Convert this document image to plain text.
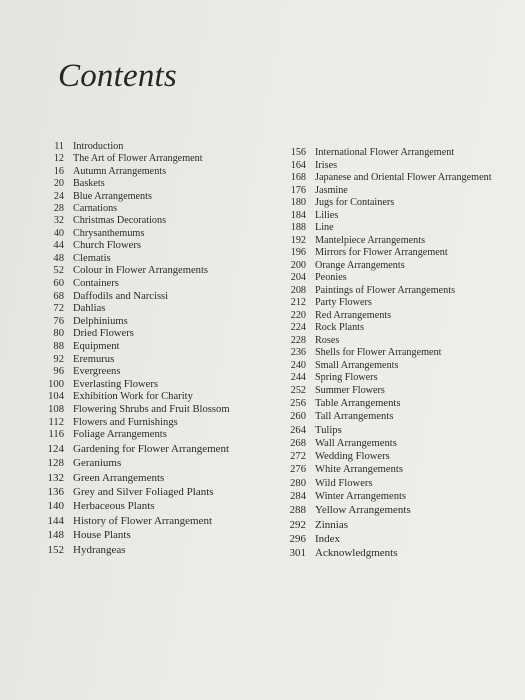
Contents
11 Introduction
12 The Art of Flower Arrangement
16 Autumn Arrangements
20 Baskets
24 Blue Arrangements
28 Carnations
32 Christmas Decorations
40 Chrysanthemums
44 Church Flowers
48 Clematis
52 Colour in Flower Arrangements
60 Containers
68 Daffodils and Narcissi
72 Dahlias
76 Delphiniums
80 Dried Flowers
88 Equipment
92 Eremurus
96 Evergreens
100 Everlasting Flowers
104 Exhibition Work for Charity
108 Flowering Shrubs and Fruit Blossom
112 Flowers and Furnishings
116 Foliage Arrangements
124 Gardening for Flower Arrangement
128 Geraniums
132 Green Arrangements
136 Grey and Silver Foliaged Plants
140 Herbaceous Plants
144 History of Flower Arrangement
148 House Plants
152 Hydrangeas
156 International Flower Arrangement
164 Irises
168 Japanese and Oriental Flower Arrangement
176 Jasmine
180 Jugs for Containers
184 Lilies
188 Line
192 Mantelpiece Arrangements
196 Mirrors for Flower Arrangement
200 Orange Arrangements
204 Peonies
208 Paintings of Flower Arrangements
212 Party Flowers
220 Red Arrangements
224 Rock Plants
228 Roses
236 Shells for Flower Arrangement
240 Small Arrangements
244 Spring Flowers
252 Summer Flowers
256 Table Arrangements
260 Tall Arrangements
264 Tulips
268 Wall Arrangements
272 Wedding Flowers
276 White Arrangements
280 Wild Flowers
284 Winter Arrangements
288 Yellow Arrangements
292 Zinnias
296 Index
301 Acknowledgments
